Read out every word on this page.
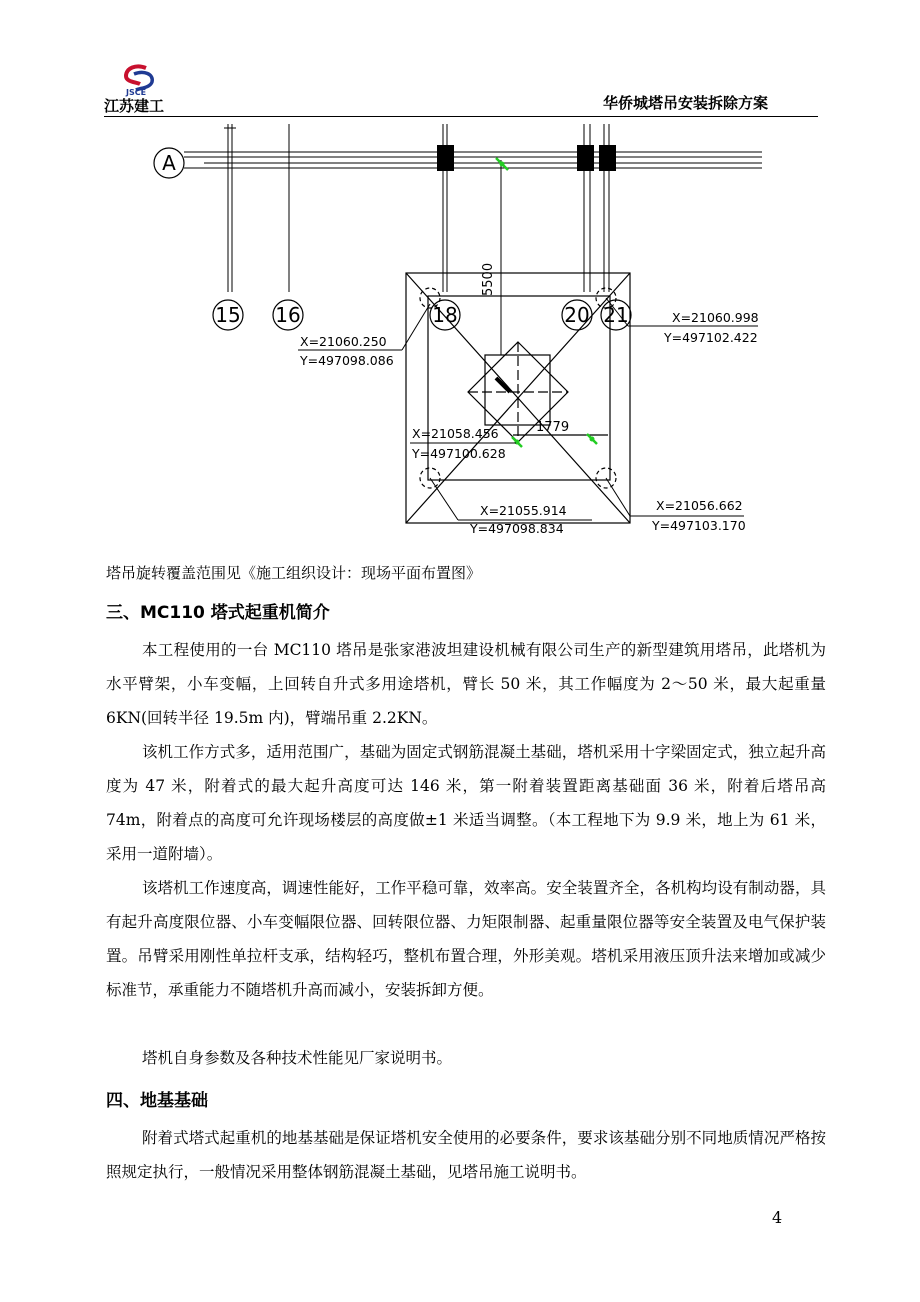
JSCE
江苏建工	华侨城塔吊安装拆除方案
A
15 16	18	20 21
5500
1779
X=21060.250
Y=497098.086
X=21060.998
Y=497102.422
X=21058.456
Y=497100.628
X=21055.914
Y=497098.834
X=21056.662
Y=497103.170
塔吊旋转覆盖范围见《施工组织设计：现场平面布置图》
三、MC110 塔式起重机简介

本工程使用的一台 MC110 塔吊是张家港波坦建设机械有限公司生产的新型建筑用塔吊，此塔机为水平臂架，小车变幅，上回转自升式多用途塔机，臂长 50 米，其工作幅度为 2～50 米，最大起重量 6KN(回转半径 19.5m 内)，臂端吊重 2.2KN。

该机工作方式多，适用范围广，基础为固定式钢筋混凝土基础，塔机采用十字梁固定式，独立起升高度为 47 米，附着式的最大起升高度可达 146 米，第一附着装置距离基础面 36 米，附着后塔吊高 74m，附着点的高度可允许现场楼层的高度做±1 米适当调整。（本工程地下为 9.9 米，地上为 61 米，采用一道附墙）。

该塔机工作速度高，调速性能好，工作平稳可靠，效率高。安全装置齐全，各机构均设有制动器，具有起升高度限位器、小车变幅限位器、回转限位器、力矩限制器、起重量限位器等安全装置及电气保护装置。吊臂采用刚性单拉杆支承，结构轻巧，整机布置合理，外形美观。塔机采用液压顶升法来增加或减少标准节，承重能力不随塔机升高而减小，安装拆卸方便。

塔机自身参数及各种技术性能见厂家说明书。

四、地基基础

附着式塔式起重机的地基基础是保证塔机安全使用的必要条件，要求该基础分别不同地质情况严格按照规定执行，一般情况采用整体钢筋混凝土基础，见塔吊施工说明书。

4
